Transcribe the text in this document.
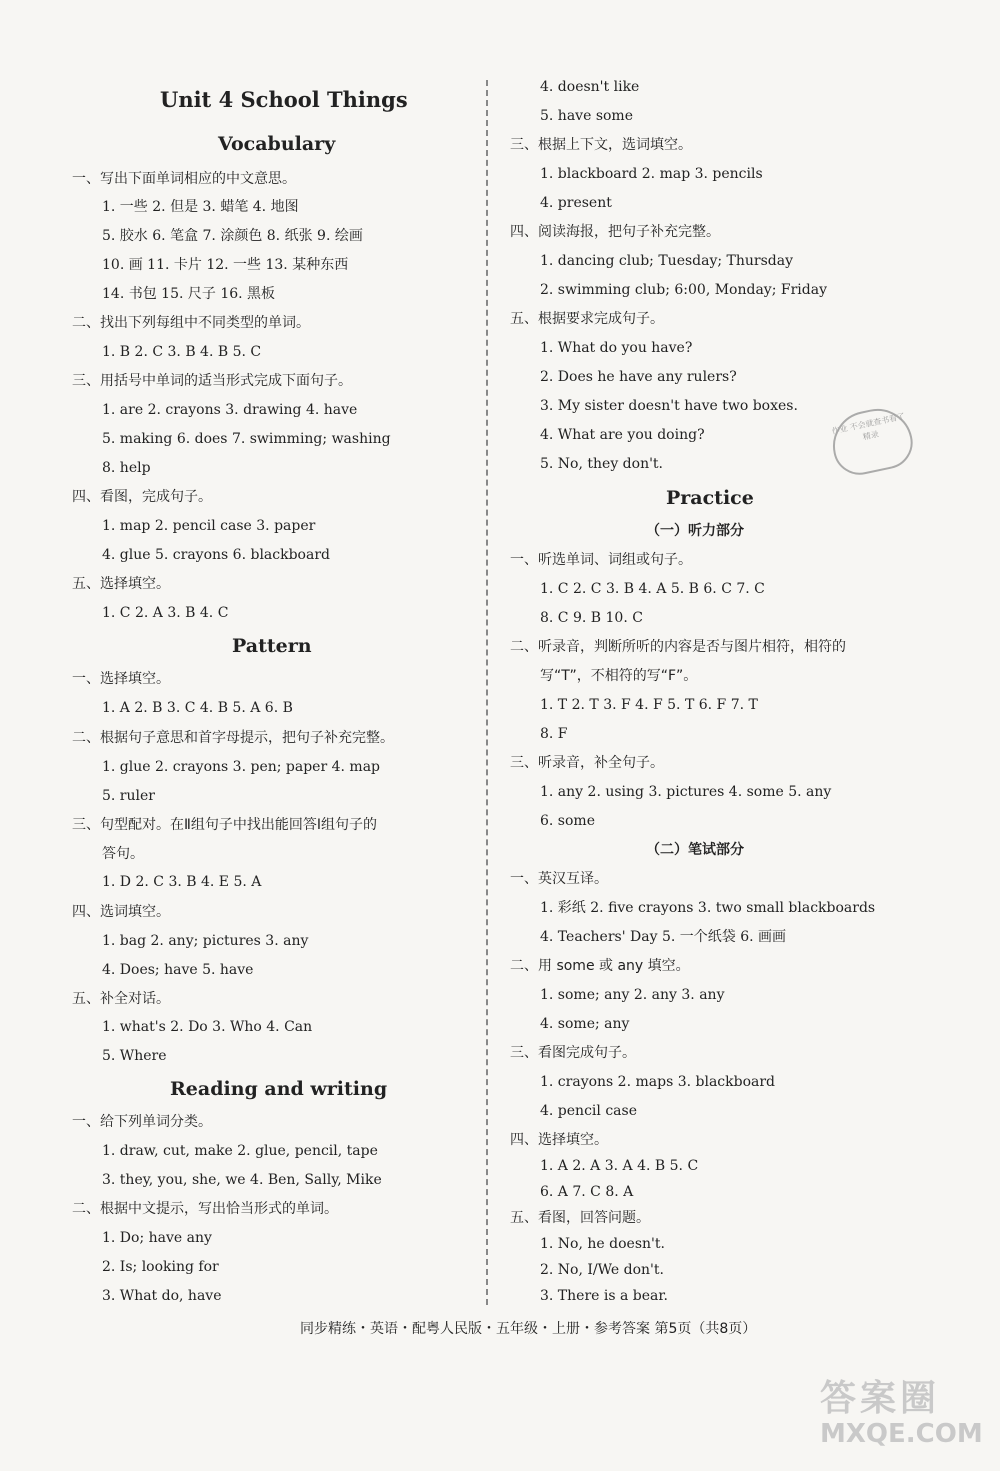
Unit 4 School Things
Vocabulary
一、写出下面单词相应的中文意思。
1. 一些 2. 但是 3. 蜡笔 4. 地图
5. 胶水 6. 笔盒 7. 涂颜色 8. 纸张 9. 绘画
10. 画 11. 卡片 12. 一些 13. 某种东西
14. 书包 15. 尺子 16. 黑板
二、找出下列每组中不同类型的单词。
1. B 2. C 3. B 4. B 5. C
三、用括号中单词的适当形式完成下面句子。
1. are 2. crayons 3. drawing 4. have
5. making 6. does 7. swimming; washing
8. help
四、看图，完成句子。
1. map 2. pencil case 3. paper
4. glue 5. crayons 6. blackboard
五、选择填空。
1. C 2. A 3. B 4. C
Pattern
一、选择填空。
1. A 2. B 3. C 4. B 5. A 6. B
二、根据句子意思和首字母提示，把句子补充完整。
1. glue 2. crayons 3. pen; paper 4. map
5. ruler
三、句型配对。在Ⅱ组句子中找出能回答Ⅰ组句子的
答句。
1. D 2. C 3. B 4. E 5. A
四、选词填空。
1. bag 2. any; pictures 3. any
4. Does; have 5. have
五、补全对话。
1. what's 2. Do 3. Who 4. Can
5. Where
Reading and writing
一、给下列单词分类。
1. draw, cut, make 2. glue, pencil, tape
3. they, you, she, we 4. Ben, Sally, Mike
二、根据中文提示，写出恰当形式的单词。
1. Do; have any
2. Is; looking for
3. What do, have
4. doesn't like
5. have some
三、根据上下文，选词填空。
1. blackboard 2. map 3. pencils
4. present
四、阅读海报，把句子补充完整。
1. dancing club; Tuesday; Thursday
2. swimming club; 6:00, Monday; Friday
五、根据要求完成句子。
1. What do you have?
2. Does he have any rulers?
3. My sister doesn't have two boxes.
4. What are you doing?
5. No, they don't.
Practice
（一）听力部分
一、听选单词、词组或句子。
1. C 2. C 3. B 4. A 5. B 6. C 7. C
8. C 9. B 10. C
二、听录音，判断所听的内容是否与图片相符，相符的
写“T”，不相符的写“F”。
1. T 2. T 3. F 4. F 5. T 6. F 7. T
8. F
三、听录音，补全句子。
1. any 2. using 3. pictures 4. some 5. any
6. some
（二）笔试部分
一、英汉互译。
1. 彩纸 2. five crayons 3. two small blackboards
4. Teachers' Day 5. 一个纸袋 6. 画画
二、用 some 或 any 填空。
1. some; any 2. any 3. any
4. some; any
三、看图完成句子。
1. crayons 2. maps 3. blackboard
4. pencil case
四、选择填空。
1. A 2. A 3. A 4. B 5. C
6. A 7. C 8. A
五、看图，回答问题。
1. No, he doesn't.
2. No, I/We don't.
3. There is a bear.
作业 不会就查书看了 精录
同步精练・英语・配粤人民版・五年级・上册・参考答案 第5页（共8页）
答案圈
MXQE.COM
